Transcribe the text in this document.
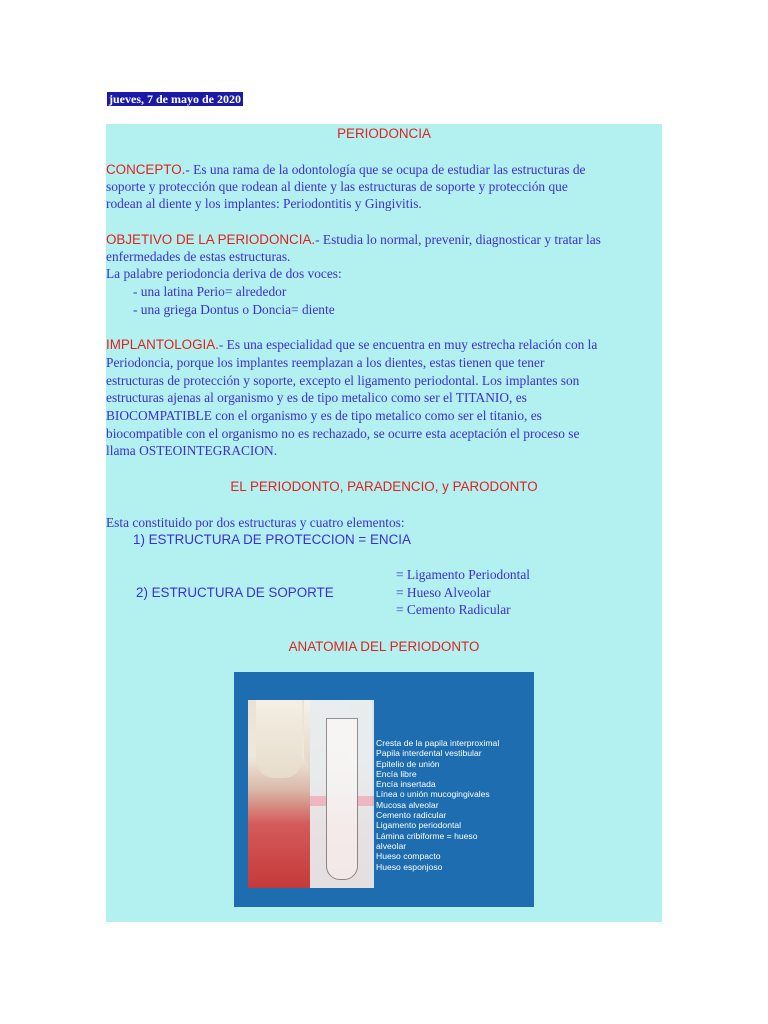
jueves, 7 de mayo de 2020
PERIODONCIA
CONCEPTO.- Es una rama de la odontología que se ocupa de estudiar las estructuras de
soporte y protección que rodean al diente y las estructuras de soporte y protección que
rodean al diente y los implantes: Periodontitis y Gingivitis.
OBJETIVO DE LA PERIODONCIA.- Estudia lo normal, prevenir, diagnosticar y tratar las
enfermedades de estas estructuras.
La palabre periodoncia deriva de dos voces:
- una latina Perio= alrededor
- una griega Dontus o Doncia= diente
IMPLANTOLOGIA.- Es una especialidad que se encuentra en muy estrecha relación con la
Periodoncia, porque los implantes reemplazan a los dientes, estas tienen que tener
estructuras de protección y soporte, excepto el ligamento periodontal. Los implantes son
estructuras ajenas al organismo y es de tipo metalico como ser el TITANIO, es
BIOCOMPATIBLE con el organismo y es de tipo metalico como ser el titanio, es
biocompatible con el organismo no es rechazado, se ocurre esta aceptación el proceso se
llama OSTEOINTEGRACION.
EL PERIODONTO, PARADENCIO, y PARODONTO
Esta constituido por dos estructuras y cuatro elementos:
1) ESTRUCTURA DE PROTECCION = ENCIA
= Ligamento Periodontal
2) ESTRUCTURA DE SOPORTE	= Hueso Alveolar
= Cemento Radicular
ANATOMIA DEL PERIODONTO
Cresta de la papila interproximal
Papila interdental vestibular
Epitelio de unión
Encía libre
Encía insertada
Línea o unión mucogingivales
Mucosa alveolar
Cemento radicular
Ligamento periodontal
Lámina cribiforme = hueso
alveolar
Hueso compacto
Hueso esponjoso
